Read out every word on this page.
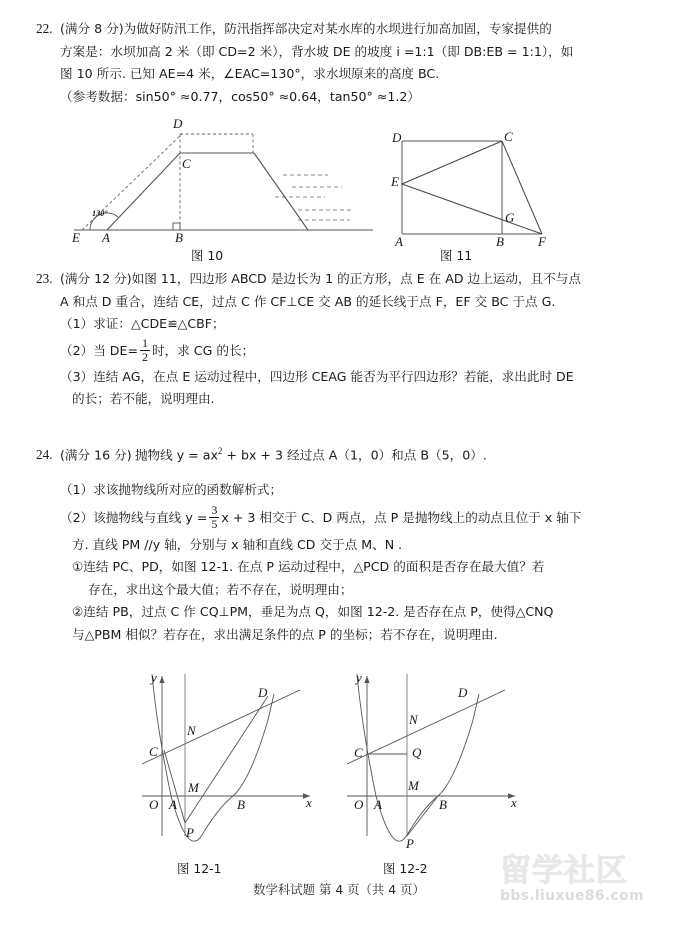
22. (满分 8 分)为做好防汛工作，防汛指挥部决定对某水库的水坝进行加高加固，专家提供的
方案是：水坝加高 2 米（即 CD=2 米），背水坡 DE 的坡度 i =1:1（即 DB:EB = 1:1），如
图 10 所示. 已知 AE=4 米，∠EAC=130°，求水坝原来的高度 BC.
（参考数据：sin50° ≈0.77，cos50° ≈0.64，tan50° ≈1.2）
130°
D
C
E A	B
图 10
D	C
E
G
A	B	F
图 11
23. (满分 12 分)如图 11，四边形 ABCD 是边长为 1 的正方形，点 E 在 AD 边上运动，且不与点
A 和点 D 重合，连结 CE，过点 C 作 CF⊥CE 交 AB 的延长线于点 F，EF 交 BC 于点 G.
（1）求证：△CDE≌△CBF；
（2）当 $DE= \frac{1}{2}$ 时，求 CG 的长；
（3）连结 AG，在点 E 运动过程中，四边形 CEAG 能否为平行四边形？若能，求出此时 DE
的长；若不能，说明理由.
24. (满分 16 分) 抛物线 $y = ax^2$ + bx + 3 经过点 A（1，0）和点 B（5，0）.
（1）求该抛物线所对应的函数解析式；
（2）该抛物线与直线 $y = \frac{3}{5}$ x + 3 相交于 C、D 两点，点 P 是抛物线上的动点且位于 x 轴下
方. 直线 PM //y 轴，分别与 x 轴和直线 CD 交于点 M、N .
①连结 PC、PD，如图 12-1. 在点 P 运动过程中，△PCD 的面积是否存在最大值？若
存在，求出这个最大值；若不存在，说明理由；
②连结 PB，过点 C 作 CQ⊥PM，垂足为点 Q，如图 12-2. 是否存在点 P，使得△CNQ
与△PBM 相似？若存在，求出满足条件的点 P 的坐标；若不存在，说明理由.
y
x
O A	B
C
D
N
M
P
图 12-1
y
x
O A	B
C
D
N
Q
M
P
图 12-2
数学科试题 第 4 页（共 4 页）
留学社区
bbs.liuxue86.com
